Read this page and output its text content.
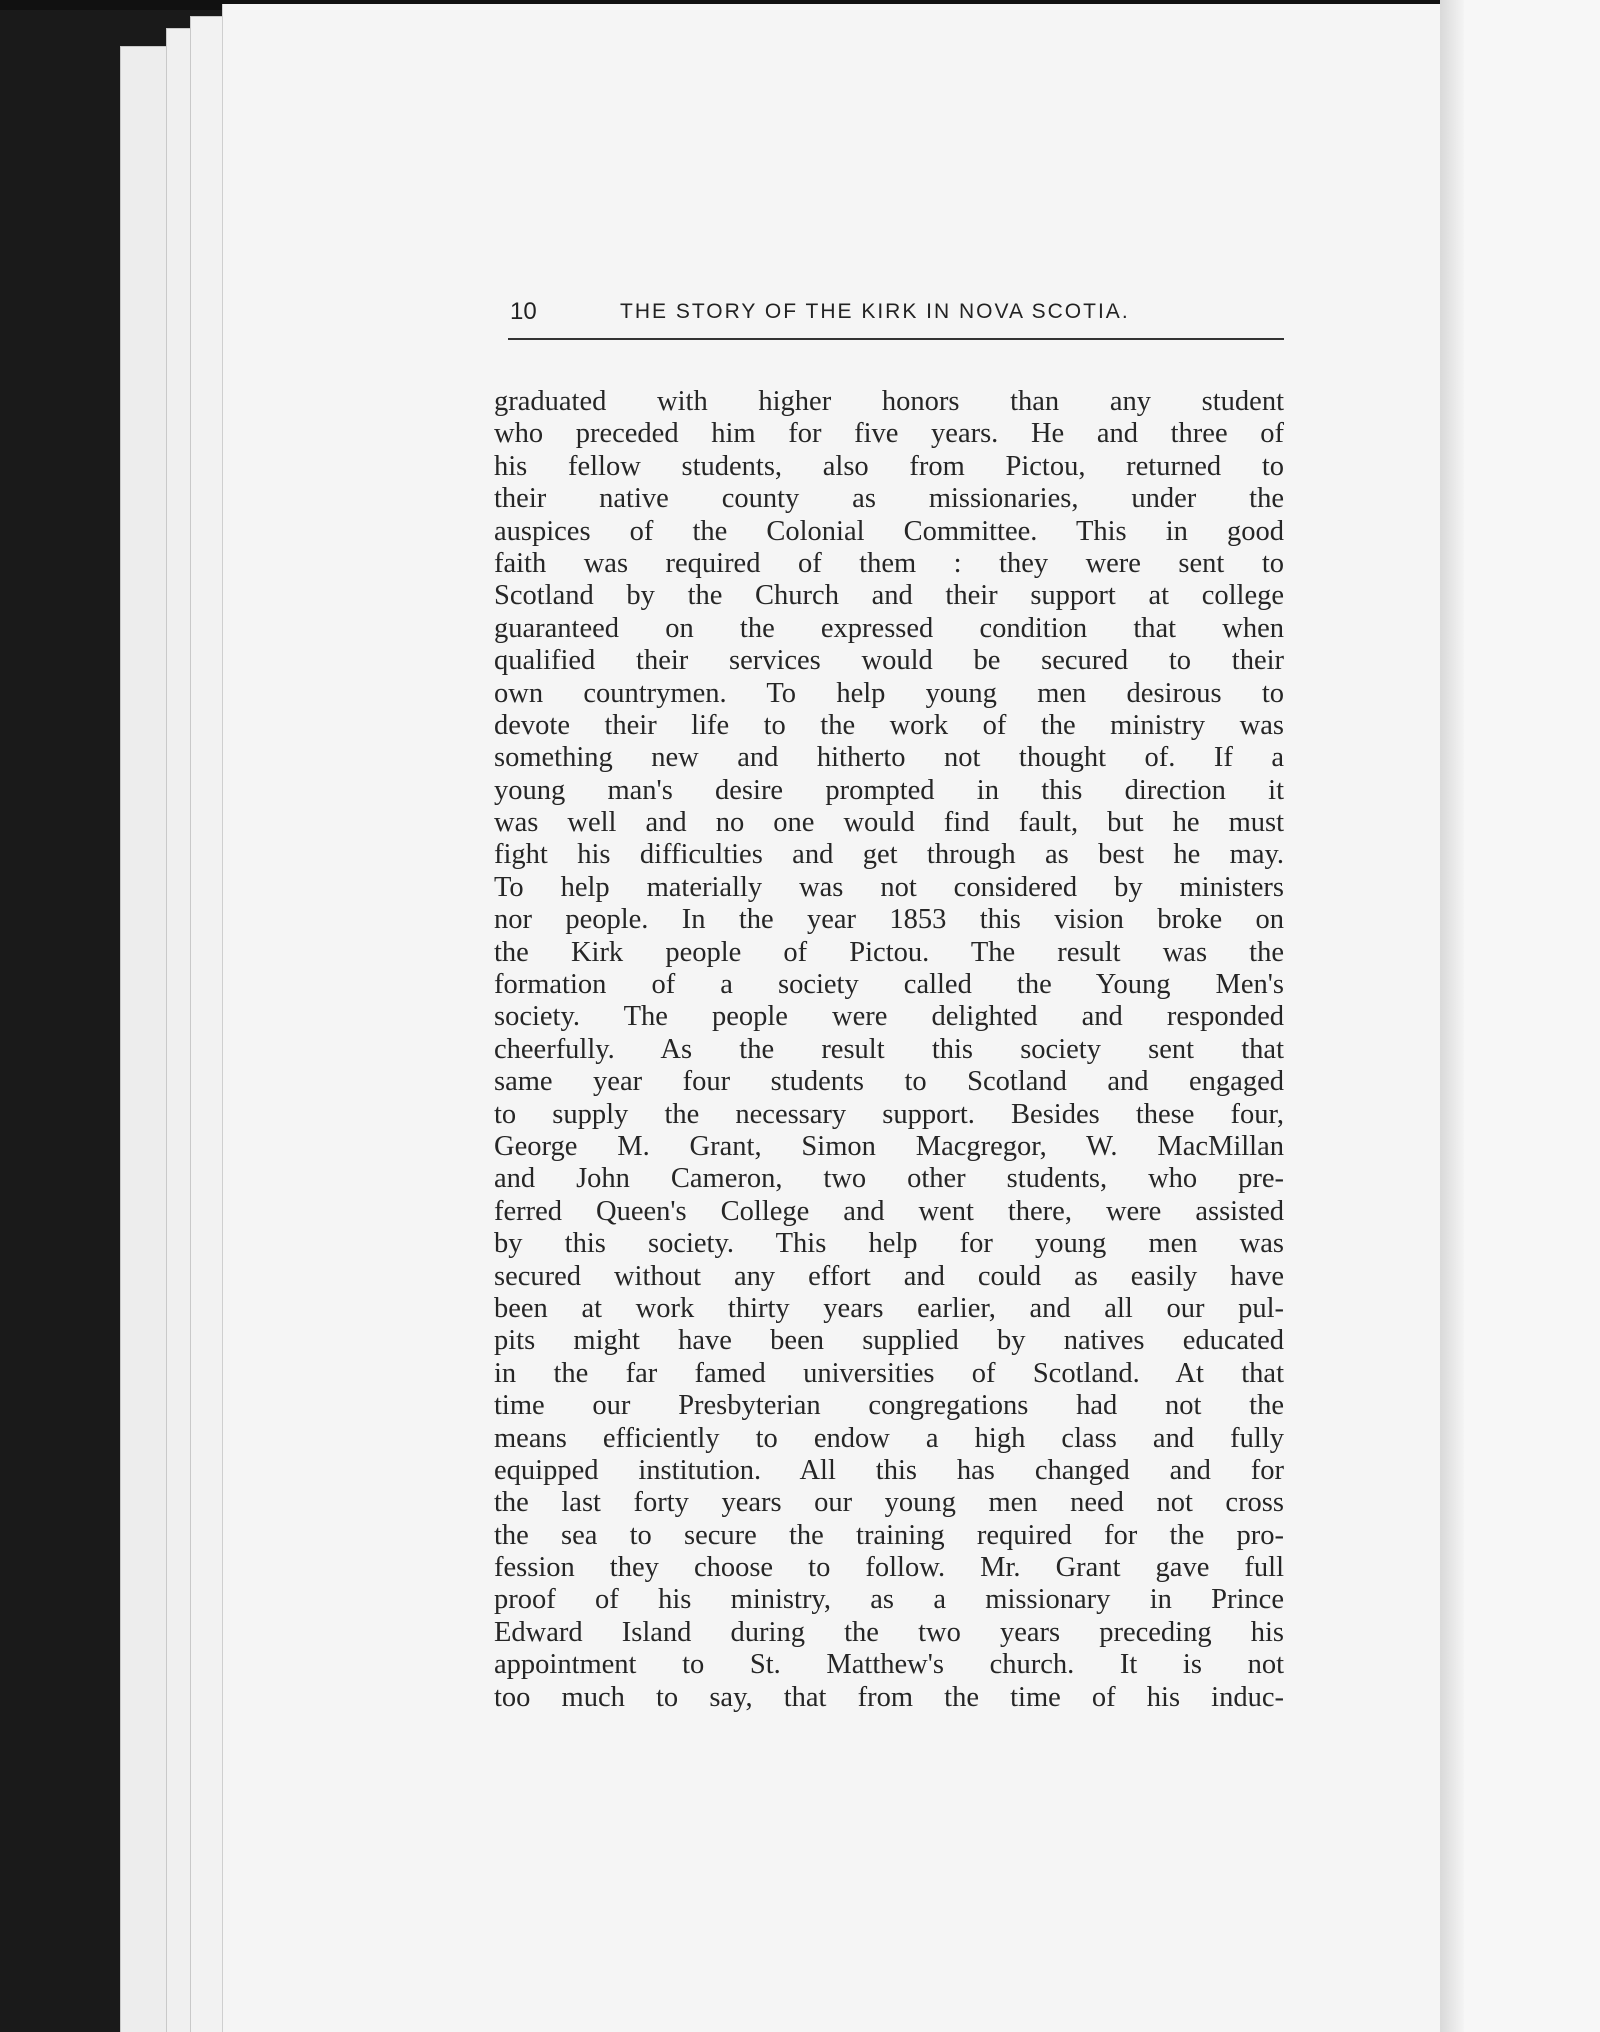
10	THE STORY OF THE KIRK IN NOVA SCOTIA.
graduated with higher honors than any student
who preceded him for five years. He and three of
his fellow students, also from Pictou, returned to
their native county as missionaries, under the
auspices of the Colonial Committee. This in good
faith was required of them : they were sent to
Scotland by the Church and their support at college
guaranteed on the expressed condition that when
qualified their services would be secured to their
own countrymen. To help young men desirous to
devote their life to the work of the ministry was
something new and hitherto not thought of. If a
young man's desire prompted in this direction it
was well and no one would find fault, but he must
fight his difficulties and get through as best he may.
To help materially was not considered by ministers
nor people. In the year 1853 this vision broke on
the Kirk people of Pictou. The result was the
formation of a society called the Young Men's
society. The people were delighted and responded
cheerfully. As the result this society sent that
same year four students to Scotland and engaged
to supply the necessary support. Besides these four,
George M. Grant, Simon Macgregor, W. MacMillan
and John Cameron, two other students, who pre-
ferred Queen's College and went there, were assisted
by this society. This help for young men was
secured without any effort and could as easily have
been at work thirty years earlier, and all our pul-
pits might have been supplied by natives educated
in the far famed universities of Scotland. At that
time our Presbyterian congregations had not the
means efficiently to endow a high class and fully
equipped institution. All this has changed and for
the last forty years our young men need not cross
the sea to secure the training required for the pro-
fession they choose to follow. Mr. Grant gave full
proof of his ministry, as a missionary in Prince
Edward Island during the two years preceding his
appointment to St. Matthew's church. It is not
too much to say, that from the time of his induc-
